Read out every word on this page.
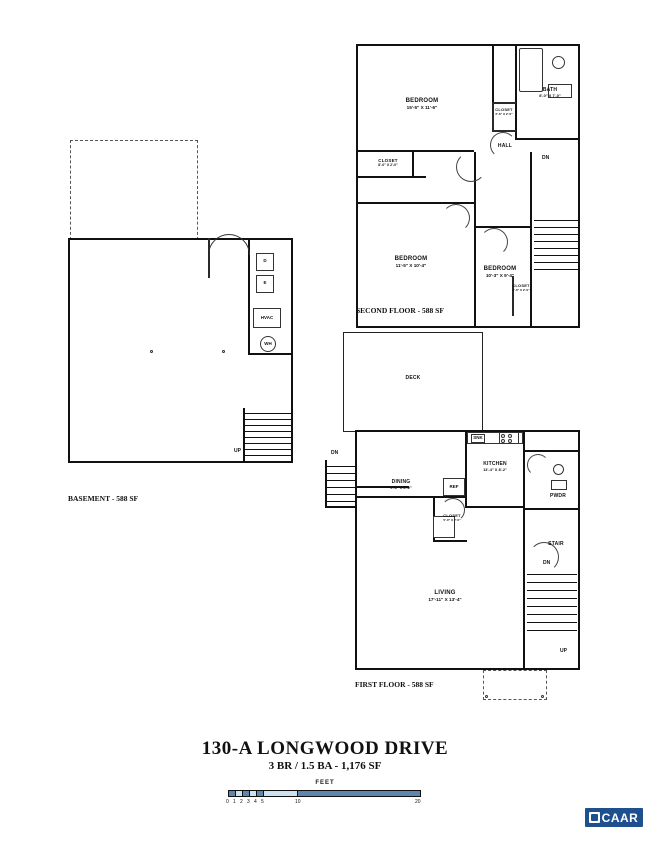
D
E
HVAC
WH
UP
BASEMENT - 588 SF
DN
BEDROOM
15'-5" X 11'-6"
BEDROOM
11'-5" X 10'-4"
BEDROOM
10'-3" X 9'-4"
BATH
8'-0" X 7'-0"
HALL
CLOSET
8'-0" X 2'-0"
CLOSET
2'-6" X 2'-0"
CLOSET
5'-0" X 2'-0"
SECOND FLOOR - 588 SF
DECK
SNK
REF
DN
UP
DN
KITCHEN
13'-4" X 8'-2"
DINING
9'-6" X 8'-2"
LIVING
17'-11" X 13'-4"
PWDR
STAIR
CLOSET
5'-0" X 2'-0"
FIRST FLOOR - 588 SF
130-A LONGWOOD DRIVE
3 BR / 1.5 BA - 1,176 SF
FEET
0 1 2 3 4 5	10	20
CAAR
